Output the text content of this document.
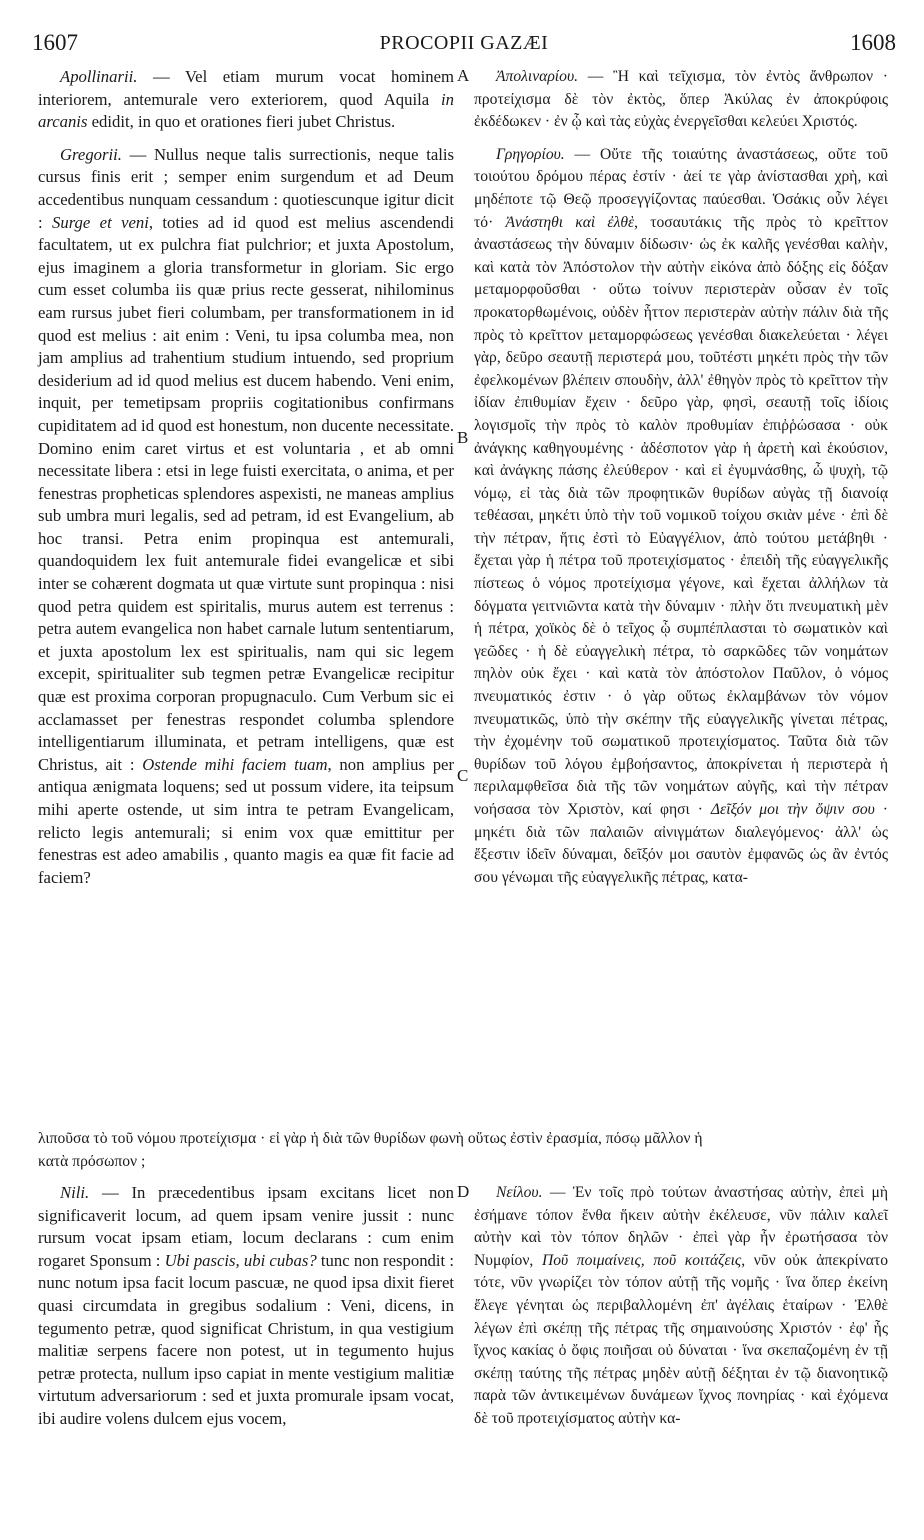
1607	PROCOPII GAZÆI	1608

Apollinarii. — Vel etiam murum vocat hominem interiorem, antemurale vero exteriorem, quod Aquila in arcanis edidit, in quo et orationes fieri jubet Christus.

Gregorii. — Nullus neque talis surrectionis, neque talis cursus finis erit ; semper enim surgendum et ad Deum accedentibus nunquam cessandum : quotiescunque igitur dicit : Surge et veni, toties ad id quod est melius ascendendi facultatem, ut ex pulchra fiat pulchrior; et juxta Apostolum, ejus imaginem a gloria transformetur in gloriam. Sic ergo cum esset columba iis quæ prius recte gesserat, nihilominus eam rursus jubet fieri columbam, per transformationem in id quod est melius : ait enim : Veni, tu ipsa columba mea, non jam amplius ad trahentium studium intuendo, sed proprium desiderium ad id quod melius est ducem habendo. Veni enim, inquit, per temetipsam propriis cogitationibus confirmans cupiditatem ad id quod est honestum, non ducente necessitate. Domino enim caret virtus et est voluntaria , et ab omni necessitate libera : etsi in lege fuisti exercitata, o anima, et per fenestras propheticas splendores aspexisti, ne maneas amplius sub umbra muri legalis, sed ad petram, id est Evangelium, ab hoc transi. Petra enim propinqua est antemurali, quandoquidem lex fuit antemurale fidei evangelicæ et sibi inter se cohærent dogmata ut quæ virtute sunt propinqua : nisi quod petra quidem est spiritalis, murus autem est terrenus : petra autem evangelica non habet carnale lutum sententiarum, et juxta apostolum lex est spiritualis, nam qui sic legem excepit, spiritualiter sub tegmen petræ Evangelicæ recipitur quæ est proxima corporan propugnaculo. Cum Verbum sic ei acclamasset per fenestras respondet columba splendore intelligentiarum illuminata, et petram intelligens, quæ est Christus, ait : Ostende mihi faciem tuam, non amplius per antiqua ænigmata loquens; sed ut possum videre, ita teipsum mihi aperte ostende, ut sim intra te petram Evangelicam, relicto legis antemurali; si enim vox quæ emittitur per fenestras est adeo amabilis , quanto magis ea quæ fit facie ad faciem?

Ἀπολιναρίου. — Ἢ καὶ τεῖχισμα, τὸν ἐντὸς ἄνθρωπον · προτείχισμα δὲ τὸν ἐκτὸς, ὅπερ Ἀκύλας ἐν ἀποκρύφοις ἐκδέδωκεν · ἐν ᾧ καὶ τὰς εὐχὰς ἐνεργεῖσθαι κελεύει Χριστός.

Γρηγορίου. — Οὔτε τῆς τοιαύτης ἀναστάσεως, οὔτε τοῦ τοιούτου δρόμου πέρας ἐστίν · ἀεί τε γὰρ ἀνίστασθαι χρὴ, καὶ μηδέποτε τῷ Θεῷ προσεγγίζοντας παύεσθαι. Ὁσάκις οὖν λέγει τό· Ἀνάστηθι καὶ ἐλθὲ, τοσαυτάκις τῆς πρὸς τὸ κρεῖττον ἀναστάσεως τὴν δύναμιν δίδωσιν· ὡς ἐκ καλῆς γενέσθαι καλὴν, καὶ κατὰ τὸν Ἀπόστολον τὴν αὐτὴν εἰκόνα ἀπὸ δόξης εἰς δόξαν μεταμορφοῦσθαι · οὕτω τοίνυν περιστερὰν οὖσαν ἐν τοῖς προκατορθωμένοις, οὐδὲν ἧττον περιστερὰν αὐτὴν πάλιν διὰ τῆς πρὸς τὸ κρεῖττον μεταμορφώσεως γενέσθαι διακελεύεται · λέγει γὰρ, δεῦρο σεαυτῇ περιστερά μου, τοῦτέστι μηκέτι πρὸς τὴν τῶν ἐφελκομένων βλέπειν σπουδὴν, ἀλλ' ἐθηγὸν πρὸς τὸ κρεῖττον τὴν ἰδίαν ἐπιθυμίαν ἔχειν · δεῦρο γὰρ, φησὶ, σεαυτῇ τοῖς ἰδίοις λογισμοῖς τὴν πρὸς τὸ καλὸν προθυμίαν ἐπιῤῥώσασα · οὐκ ἀνάγκης καθηγουμένης · ἀδέσποτον γὰρ ἡ ἀρετὴ καὶ ἑκούσιον, καὶ ἀνάγκης πάσης ἐλεύθερον · καὶ εἰ ἐγυμνάσθης, ὦ ψυχὴ, τῷ νόμῳ, εἰ τὰς διὰ τῶν προφητικῶν θυρίδων αὐγὰς τῇ διανοίᾳ τεθέασαι, μηκέτι ὑπὸ τὴν τοῦ νομικοῦ τοίχου σκιὰν μένε · ἐπὶ δὲ τὴν πέτραν, ἥτις ἐστὶ τὸ Εὐαγγέλιον, ἀπὸ τούτου μετάβηθι · ἔχεται γὰρ ἡ πέτρα τοῦ προτειχίσματος · ἐπειδὴ τῆς εὐαγγελικῆς πίστεως ὁ νόμος προτείχισμα γέγονε, καὶ ἔχεται ἀλλήλων τὰ δόγματα γειτνιῶντα κατὰ τὴν δύναμιν · πλὴν ὅτι πνευματικὴ μὲν ἡ πέτρα, χοϊκὸς δὲ ὁ τεῖχος ᾧ συμπέπλασται τὸ σωματικὸν καὶ γεῶδες · ἡ δὲ εὐαγγελικὴ πέτρα, τὸ σαρκῶδες τῶν νοημάτων πηλὸν οὐκ ἔχει · καὶ κατὰ τὸν ἀπόστολον Παῦλον, ὁ νόμος πνευματικός ἐστιν · ὁ γὰρ οὕτως ἐκλαμβάνων τὸν νόμον πνευματικῶς, ὑπὸ τὴν σκέπην τῆς εὐαγγελικῆς γίνεται πέτρας, τὴν ἐχομένην τοῦ σωματικοῦ προτειχίσματος. Ταῦτα διὰ τῶν θυρίδων τοῦ λόγου ἐμβοήσαντος, ἀποκρίνεται ἡ περιστερὰ ἡ περιλαμφθεῖσα διὰ τῆς τῶν νοημάτων αὐγῆς, καὶ τὴν πέτραν νοήσασα τὸν Χριστὸν, καί φησι · Δεῖξόν μοι τὴν ὄψιν σου · μηκέτι διὰ τῶν παλαιῶν αἰνιγμάτων διαλεγόμενος· ἀλλ' ὡς ἔξεστιν ἰδεῖν δύναμαι, δεῖξόν μοι σαυτὸν ἐμφανῶς ὡς ἂν ἐντός σου γένωμαι τῆς εὐαγγελικῆς πέτρας, κατα-

λιποῦσα τὸ τοῦ νόμου προτείχισμα · εἰ γὰρ ἡ διὰ τῶν θυρίδων φωνὴ οὕτως ἐστὶν ἐρασμία, πόσῳ μᾶλλον ἡ
κατὰ πρόσωπον ;

Nili. — In præcedentibus ipsam excitans licet non significaverit locum, ad quem ipsam venire jussit : nunc rursum vocat ipsam etiam, locum declarans : cum enim rogaret Sponsum : Ubi pascis, ubi cubas? tunc non respondit : nunc notum ipsa facit locum pascuæ, ne quod ipsa dixit fieret quasi circumdata in gregibus sodalium : Veni, dicens, in tegumento petræ, quod significat Christum, in qua vestigium malitiæ serpens facere non potest, ut in tegumento hujus petræ protecta, nullum ipso capiat in mente vestigium malitiæ virtutum adversariorum : sed et juxta promurale ipsam vocat, ibi audire volens dulcem ejus vocem,

Νείλου. — Ἐν τοῖς πρὸ τούτων ἀναστήσας αὐτὴν, ἐπεὶ μὴ ἐσήμανε τόπον ἔνθα ἥκειν αὐτὴν ἐκέλευσε, νῦν πάλιν καλεῖ αὐτὴν καὶ τὸν τόπον δηλῶν · ἐπεὶ γὰρ ἦν ἐρωτήσασα τὸν Νυμφίον, Ποῦ ποιμαίνεις, ποῦ κοιτάζεις, νῦν οὐκ ἀπεκρίνατο τότε, νῦν γνωρίζει τὸν τόπον αὐτῇ τῆς νομῆς · ἵνα ὅπερ ἐκείνη ἔλεγε γένηται ὡς περιβαλλομένη ἐπ' ἀγέλαις ἑταίρων · Ἐλθὲ λέγων ἐπὶ σκέπῃ τῆς πέτρας τῆς σημαινούσης Χριστόν · ἐφ' ἧς ἴχνος κακίας ὁ ὄφις ποιῆσαι οὐ δύναται · ἵνα σκεπαζομένη ἐν τῇ σκέπῃ ταύτης τῆς πέτρας μηδὲν αὐτῇ δέξηται ἐν τῷ διανοητικῷ παρὰ τῶν ἀντικειμένων δυνάμεων ἴχνος πονηρίας · καὶ ἐχόμενα δὲ τοῦ προτειχίσματος αὐτὴν κα-

A
B
C
D
